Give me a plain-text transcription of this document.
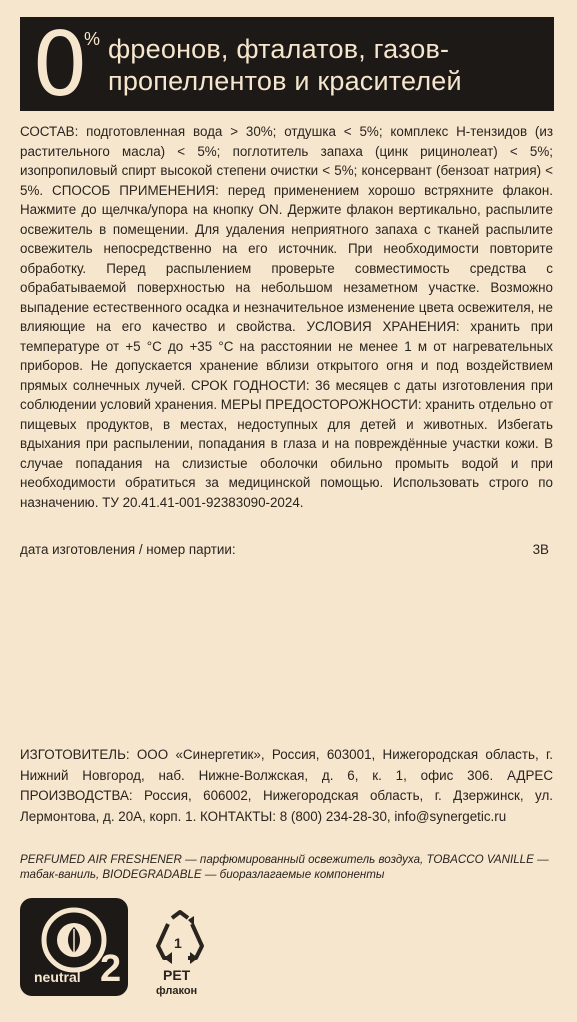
0
% фреонов, фталатов, газов-
пропеллентов и красителей

СОСТАВ: подготовленная вода > 30%; отдушка < 5%; комплекс Н-тензидов (из растительного масла) < 5%; поглотитель запаха (цинк рицинолеат) < 5%; изопропиловый спирт высокой степени очистки < 5%; консервант (бензоат натрия) < 5%. СПОСОБ ПРИМЕНЕНИЯ: перед применением хорошо встряхните флакон. Нажмите до щелчка/упора на кнопку ON. Держите флакон вертикально, распылите освежитель в помещении. Для удаления неприятного запаха с тканей распылите освежитель непосредственно на его источник. При необходимости повторите обработку. Перед распылением проверьте совместимость средства с обрабатываемой поверхностью на небольшом незаметном участке. Возможно выпадение естественного осадка и незначительное изменение цвета освежителя, не влияющие на его качество и свойства. УСЛОВИЯ ХРАНЕНИЯ: хранить при температуре от +5 °С до +35 °С на расстоянии не менее 1 м от нагревательных приборов. Не допускается хранение вблизи открытого огня и под воздействием прямых солнечных лучей. СРОК ГОДНОСТИ: 36 месяцев с даты изготовления при соблюдении условий хранения. МЕРЫ ПРЕДОСТОРОЖНОСТИ: хранить отдельно от пищевых продуктов, в местах, недоступных для детей и животных. Избегать вдыхания при распылении, попадания в глаза и на повреждённые участки кожи. В случае попадания на слизистые оболочки обильно промыть водой и при необходимости обратиться за медицинской помощью. Использовать строго по назначению. ТУ 20.41.41-001-92383090-2024.

дата изготовления / номер партии:	3В

ИЗГОТОВИТЕЛЬ: ООО «Синергетик», Россия, 603001, Нижегородская область, г. Нижний Новгород, наб. Нижне-Волжская, д. 6, к. 1, офис 306. АДРЕС ПРОИЗВОДСТВА: Россия, 606002, Нижегородская область, г. Дзержинск, ул. Лермонтова, д. 20А, корп. 1. КОНТАКТЫ: 8 (800) 234-28-30, info@synergetic.ru

PERFUMED AIR FRESHENER — парфюмированный освежитель воздуха, TOBACCO VANILLE — табак-ваниль, BIODEGRADABLE — биоразлагаемые компоненты
neutral 2
1
PET
флакон
